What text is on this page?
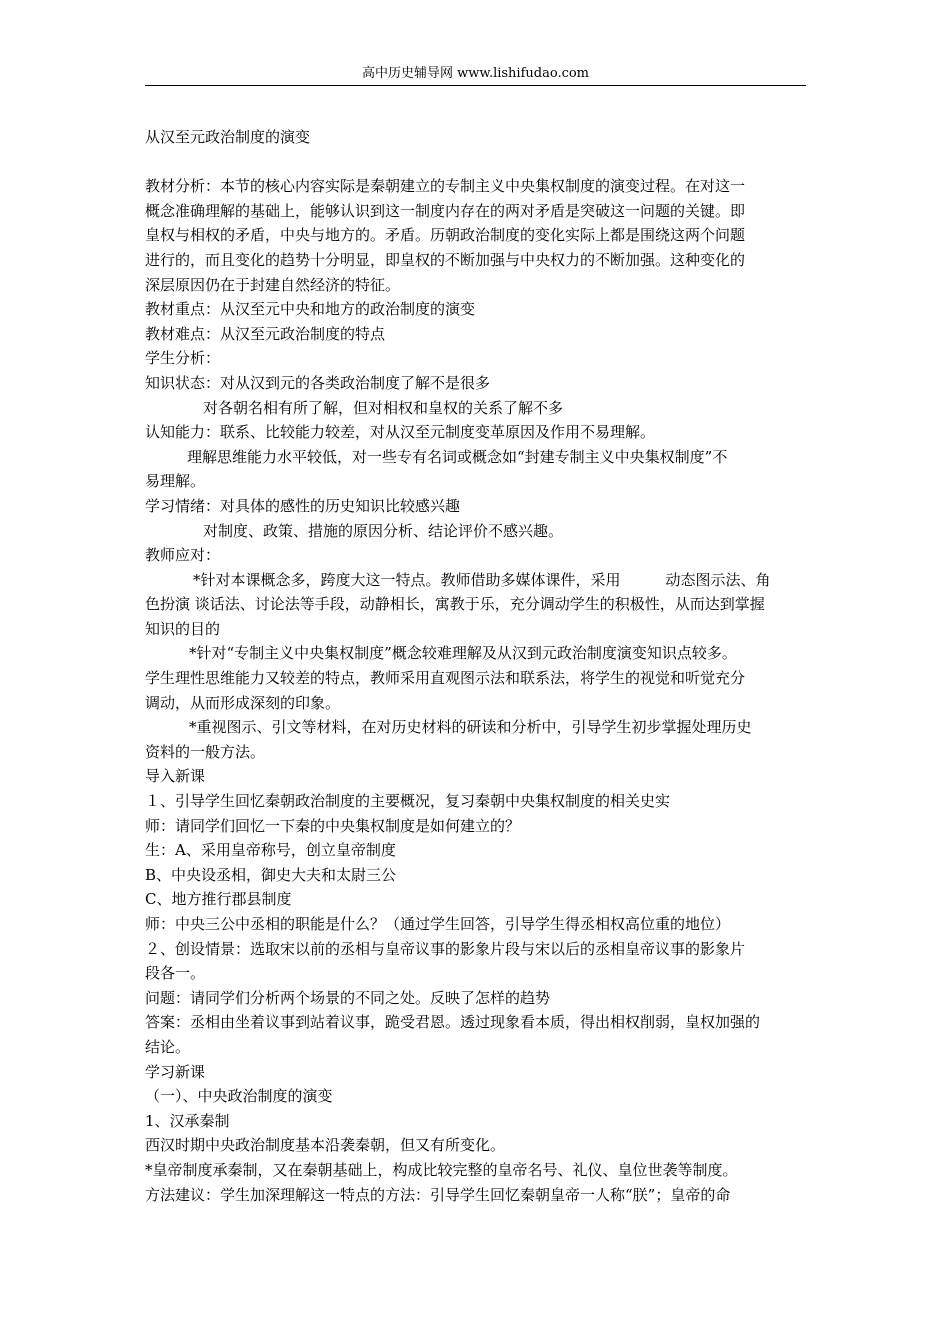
高中历史辅导网 www.lishifudao.com
从汉至元政治制度的演变
教材分析：本节的核心内容实际是秦朝建立的专制主义中央集权制度的演变过程。在对这一
概念准确理解的基础上，能够认识到这一制度内存在的两对矛盾是突破这一问题的关键。即
皇权与相权的矛盾，中央与地方的。矛盾。历朝政治制度的变化实际上都是围绕这两个问题
进行的，而且变化的趋势十分明显，即皇权的不断加强与中央权力的不断加强。这种变化的
深层原因仍在于封建自然经济的特征。
教材重点：从汉至元中央和地方的政治制度的演变
教材难点：从汉至元政治制度的特点
学生分析：
知识状态：对从汉到元的各类政治制度了解不是很多
对各朝名相有所了解，但对相权和皇权的关系了解不多
认知能力：联系、比较能力较差，对从汉至元制度变革原因及作用不易理解。
理解思维能力水平较低，对一些专有名词或概念如“封建专制主义中央集权制度”不
易理解。
学习情绪：对具体的感性的历史知识比较感兴趣
对制度、政策、措施的原因分析、结论评价不感兴趣。
教师应对：
*针对本课概念多，跨度大这一特点。教师借助多媒体课件，采用　　　动态图示法、角
色扮演 谈话法、讨论法等手段，动静相长，寓教于乐，充分调动学生的积极性，从而达到掌握
知识的目的
*针对“专制主义中央集权制度”概念较难理解及从汉到元政治制度演变知识点较多。
学生理性思维能力又较差的特点，教师采用直观图示法和联系法，将学生的视觉和听觉充分
调动，从而形成深刻的印象。
*重视图示、引文等材料，在对历史材料的研读和分析中，引导学生初步掌握处理历史
资料的一般方法。
导入新课
１、引导学生回忆秦朝政治制度的主要概况，复习秦朝中央集权制度的相关史实
师：请同学们回忆一下秦的中央集权制度是如何建立的？
生：A、采用皇帝称号，创立皇帝制度
B、中央设丞相，御史大夫和太尉三公
C、地方推行郡县制度
师：中央三公中丞相的职能是什么？（通过学生回答，引导学生得丞相权高位重的地位）
２、创设情景：选取宋以前的丞相与皇帝议事的影象片段与宋以后的丞相皇帝议事的影象片
段各一。
问题：请同学们分析两个场景的不同之处。反映了怎样的趋势
答案：丞相由坐着议事到站着议事，跪受君恩。透过现象看本质，得出相权削弱，皇权加强的
结论。
学习新课
（一）、中央政治制度的演变
1、汉承秦制
西汉时期中央政治制度基本沿袭秦朝，但又有所变化。
*皇帝制度承秦制，又在秦朝基础上，构成比较完整的皇帝名号、礼仪、皇位世袭等制度。
方法建议：学生加深理解这一特点的方法：引导学生回忆秦朝皇帝一人称“朕”；皇帝的命
